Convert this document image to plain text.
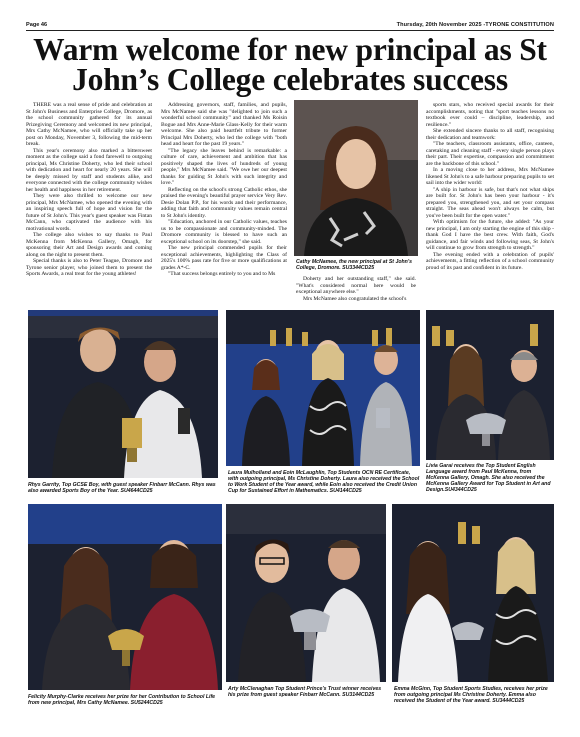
Page 46	Thursday, 20th November 2025 -TYRONE CONSTITUTION
Warm welcome for new principal as St John’s College celebrates success

THERE was a real sense of pride and celebration at St John's Business and Enterprise College, Dromore, as the school community gathered for its annual Prizegiving Ceremony and welcomed its new principal, Mrs Cathy McNamee, who will officially take up her post on Monday, November 3, following the mid-term break.

This year's ceremony also marked a bittersweet moment as the college said a fond farewell to outgoing principal, Ms Christine Doherty, who led their school with dedication and heart for nearly 20 years. She will be deeply missed by staff and students alike, and everyone connected with the college community wishes her health and happiness in her retirement.

They were also thrilled to welcome our new principal, Mrs McNamee, who opened the evening with an inspiring speech full of hope and vision for the future of St John's. This year's guest speaker was Fintan McCann, who captivated the audience with his motivational words.

The college also wishes to say thanks to Paul McKenna from McKenna Gallery, Omagh, for sponsoring their Art and Design awards and coming along on the night to present them.

Special thanks is also to Peter Teague, Dromore and Tyrone senior player, who joined them to present the Sports Awards, a real treat for the young athletes!

Addressing governors, staff, families, and pupils, Mrs McNamee said she was "delighted to join such a wonderful school community" and thanked Ms Roisin Bogue and Mrs Anne-Marie Glass-Kelly for their warm welcome. She also paid heartfelt tribute to former Principal Mrs Doherty, who led the college with "both head and heart for the past 19 years."

"The legacy she leaves behind is remarkable: a culture of care, achievement and ambition that has positively shaped the lives of hundreds of young people," Mrs McNamee said. "We owe her our deepest thanks for guiding St John's with such integrity and love."

Reflecting on the school's strong Catholic ethos, she praised the evening's beautiful prayer service Very Rev. Desie Dolan P.P., for his words and their performance, adding that faith and community values remain central to St John's identity.

"Education, anchored in our Catholic values, teaches us to be compassionate and community-minded. The Dromore community is blessed to have such an exceptional school on its doorstep," she said.

The new principal commended pupils for their exceptional achievements, highlighting the Class of 2025's 100% pass rate for five or more qualifications at grades A*-C.

"That success belongs entirely to you and to Ms

Cathy McNamee, the new principal at St John's College, Dromore. SU3344CD25

Doherty and her outstanding staff," she said. "What's considered normal here would be exceptional anywhere else."

Mrs McNamee also congratulated the school's

sports stars, who received special awards for their accomplishments, noting that "sport teaches lessons no textbook ever could – discipline, leadership, and resilience."

She extended sincere thanks to all staff, recognising their dedication and teamwork:

"The teachers, classroom assistants, office, canteen, caretaking and cleaning staff - every single person plays their part. Their expertise, compassion and commitment are the backbone of this school."

In a moving close to her address, Mrs McNamee likened St John's to a safe harbour preparing pupils to set sail into the wider world:

"A ship in harbour is safe, but that's not what ships are built for. St John's has been your harbour - it's prepared you, strengthened you, and set your compass straight. The seas ahead won't always be calm, but you've been built for the open water."

With optimism for the future, she added: "As your new principal, I am only starting the engine of this ship - thank God I have the best crew. With faith, God's guidance, and fair winds and following seas, St John's will continue to grow from strength to strength."

The evening ended with a celebration of pupils' achievements, a fitting reflection of a school community proud of its past and confident in its future.

Rhys Garrity, Top GCSE Boy, with guest speaker Finbarr McCann. Rhys was also awarded Sports Boy of the Year. SU4644CD25
Laura Mulholland and Eoin McLaughlin, Top Students OCN RE Certificate, with outgoing principal, Ms Christine Doherty. Laura also received the School to Work Student of the Year award, while Eoin also received the Credit Union Cup for Sustained Effort in Mathematics. SU4144CD25
Livia Garai receives the Top Student English Language award from Paul McKenna, from McKenna Gallery, Omagh. She also received the McKenna Gallery Award for Top Student in Art and Design.SU4344CD25
Felicity Murphy-Clarke receives her prize for her Contribution to School Life from new principal, Mrs Cathy McNamee. SU5244CD25
Arty McClenaghan Top Student Prince's Trust winner receives his prize from guest speaker Finbarr McCann. SU3144CD25
Emma McGinn, Top Student Sports Studies, receives her prize from outgoing principal Ms Christine Doherty. Emma also received the Student of the Year award. SU3444CD25
